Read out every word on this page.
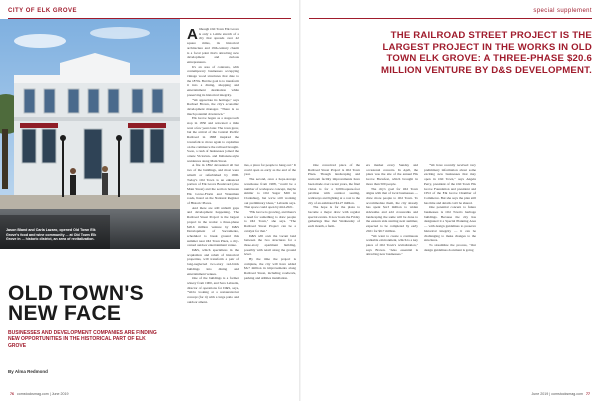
CITY OF ELK GROVE	special supplement
Jason Bland and Carla Lazaro, opened Old Town Elk Grove's food and wine community ... at Old Town Elk Grove in ... historic district, an area of revitalization.
OLD TOWN'S
NEW FACE
BUSINESSES AND DEVELOPMENT COMPANIES ARE FINDING NEW OPPORTUNITIES IN THE HISTORICAL PART OF ELK GROVE
By Alma Redmond
THE RAILROAD STREET PROJECT IS THE LARGEST PROJECT IN THE WORKS IN OLD TOWN ELK GROVE: A THREE-PHASE $20.6 MILLION VENTURE BY D&S DEVELOPMENT.

Although Old Town Elk Grove is only a 1-mile stretch of a city that spreads over 42 square miles, its historical architecture and 19th-century charm is a focal point that's attracting new development and curious entrepreneurs.

It's an area of contrasts, with contemporary businesses occupying vintage wood structures that date to the 1870s. But the goal is to transform it into a dining, shopping and entertainment destination while preserving its historical integrity.

"We appreciate its heritage," says Rachael Brown, the city's economic development manager. "There is so much potential downtown."

Elk Grove began as a stagecoach stop in 1850 and relocated a mile west a few years later. The town grew, but the arrival of the Central Pacific Railroad in 1868 inspired the townsfolk to move again to capitalize on the commerce the railroad brought. Soon, a rush of businesses joined the ornate Victorian- and Italianate-style residences along Main Street.

A fire in 1892 devastated all but two of the buildings, and most were rebuilt or refurbished by 1900. Today's Old Town is an enhanced portion of Elk Grove Boulevard (also Main Street) and the section between Elk Grove-Florin and Waterman roads, listed on the National Register of Historic Places.

And there are still unbuilt gaps and development happening. The Railroad Street Project is the largest project in the works: a three-phase $20.6 million venture by D&S Development of Sacramento, scheduled to break ground this summer near Old Town Plaza, a city-owned outdoor entertainment venue.

D&S, which specializes in the acquisition and rehab of historical properties, will transform a pair of long-neglected two-story red-brick buildings into dining and entertainment venues.

One of the buildings is a former winery from 1900, and Sara Lebastla, director of operations for D&S, says, "We're looking at a restaurant-bar concept (for it) with a large patio and outdoor ameni-

ties, a place for people to hang out." It could open as early as the end of the year.

The second, once a hops-storage warehouse from 1908, "could be a number of workspace concept, maybe similar to Old Sugar Mill in Clarksburg, but we're still working out preliminary ideas," Lebastla says. That space could open by mid-2021.

"Elk Grove is growing, and there's a need for something to draw people to Old Town," she says. "The Railroad Street Project can be a catalyst for that."

D&S will own the vacant land between the two structures for a three-story apartment building, possibly with retail along the ground level.

By the time the project is complete, the city will have added $6.7 million in improvements along Railroad Street, including roadwork, parking and utilities installation.

One conceived piece of the Railroad Street Project is Old Town Plaza. Though landscaping and restroom facility improvements have been made over recent years, the final vision is for a 9,000-square-foot pavilion with outdoor seating, walkways and lighting at a cost to the city of an estimated $4.27 million.

The hope is for the plaza to become a major draw with regular special events. It now hosts the Friday gatherings like that Wednesday of each month, a farm-

ers market every Sunday and occasional concerts. In April, the plaza was the site of the annual Elk Grove Brewfest, which brought in more than 500 people.

The city's goal for Old Town aligns with that of local businesses — draw more people to Old Town. To accommodate them, the city already has spent $4.3 million to widen sidewalks and add crosswalks and landscaping the same will be done to the eastern side starting next summer, expected to be completed by early 2021 for $6.7 million.

"We want to create a continuous walkable environment, which is a key piece of Old Town's revitalization," says Brown. "Also essential is attracting new businesses."

"We have recently received very preliminary information about some exciting new businesses that may open in Old Town," says Angela Perry, president of the Old Town Elk Grove Foundation and president and CEO of the Elk Grove Chamber of Commerce. But she says the plan still has time and details can't be shared.

One potential concern to future businesses is Old Town's heritage buildings. Because the city has designated it a Special Planning Area — with design guidelines to preserve historical integrity — it can be challenging to make changes to the structures.

To streamline the process, "Our design guidelines document is going

76 comstocksmag.com | June 2019	June 2019 | comstocksmag.com 77
